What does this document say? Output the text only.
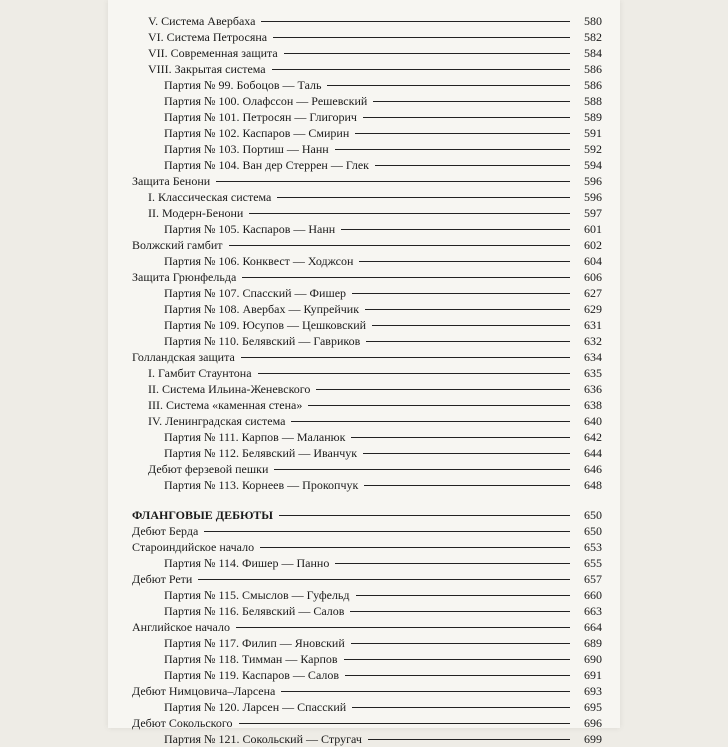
V. Система Авербаха	580
VI. Система Петросяна	582
VII. Современная защита	584
VIII. Закрытая система	586
Партия № 99. Бобоцов — Таль	586
Партия № 100. Олафссон — Решевский	588
Партия № 101. Петросян — Глигорич	589
Партия № 102. Каспаров — Смирин	591
Партия № 103. Портиш — Нанн	592
Партия № 104. Ван дер Стеррен — Глек	594
Защита Бенони	596
I. Классическая система	596
II. Модерн-Бенони	597
Партия № 105. Каспаров — Нанн	601
Волжский гамбит	602
Партия № 106. Конквест — Ходжсон	604
Защита Грюнфельда	606
Партия № 107. Спасский — Фишер	627
Партия № 108. Авербах — Купрейчик	629
Партия № 109. Юсупов — Цешковский	631
Партия № 110. Белявский — Гавриков	632
Голландская защита	634
I. Гамбит Стаунтона	635
II. Система Ильина-Женевского	636
III. Система «каменная стена»	638
IV. Ленинградская система	640
Партия № 111. Карпов — Маланюк	642
Партия № 112. Белявский — Иванчук	644
Дебют ферзевой пешки	646
Партия № 113. Корнеев — Прокопчук	648
ФЛАНГОВЫЕ ДЕБЮТЫ	650
Дебют Берда	650
Староиндийское начало	653
Партия № 114. Фишер — Панно	655
Дебют Рети	657
Партия № 115. Смыслов — Гуфельд	660
Партия № 116. Белявский — Салов	663
Английское начало	664
Партия № 117. Филип — Яновский	689
Партия № 118. Тимман — Карпов	690
Партия № 119. Каспаров — Салов	691
Дебют Нимцовича–Ларсена	693
Партия № 120. Ларсен — Спасский	695
Дебют Сокольского	696
Партия № 121. Сокольский — Стругач	699
